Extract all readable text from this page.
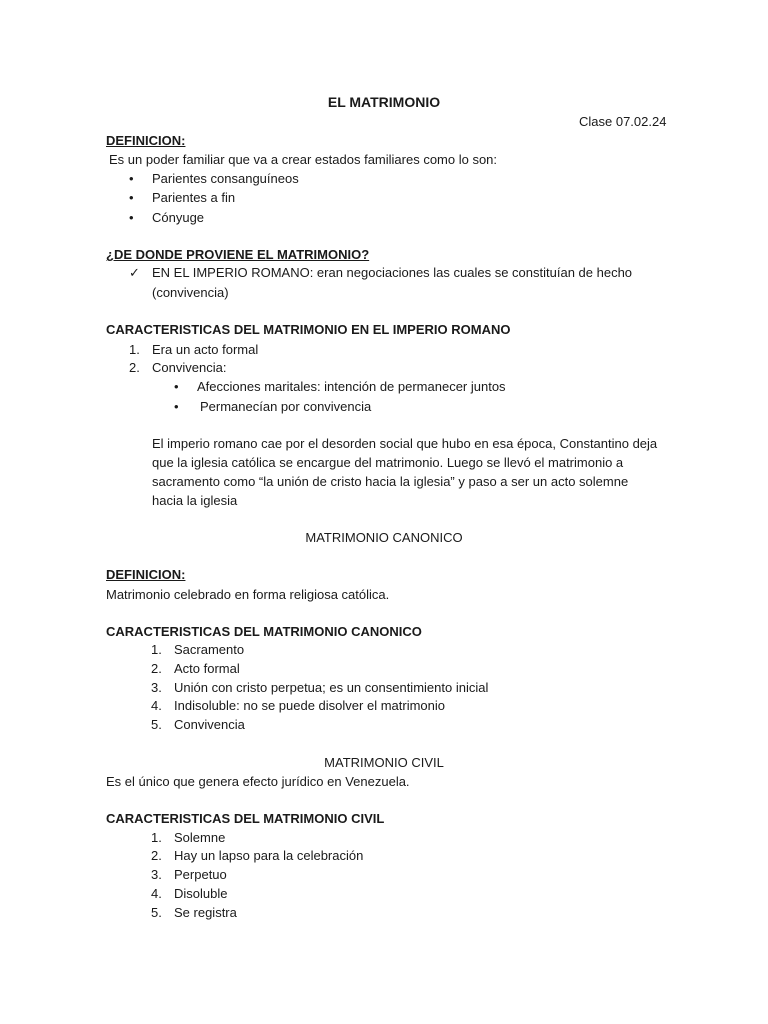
EL MATRIMONIO
Clase 07.02.24
DEFINICION:
Es un poder familiar que va a crear estados familiares como lo son:
• Parientes consanguíneos
• Parientes a fin
• Cónyuge
¿DE DONDE PROVIENE EL MATRIMONIO?
✓ EN EL IMPERIO ROMANO: eran negociaciones las cuales se constituían de hecho
(convivencia)
CARACTERISTICAS DEL MATRIMONIO EN EL IMPERIO ROMANO
1. Era un acto formal
2. Convivencia:
• Afecciones maritales: intención de permanecer juntos
• Permanecían por convivencia
El imperio romano cae por el desorden social que hubo en esa época, Constantino deja que la iglesia católica se encargue del matrimonio. Luego se llevó el matrimonio a sacramento como “la unión de cristo hacia la iglesia” y paso a ser un acto solemne hacia la iglesia
MATRIMONIO CANONICO
DEFINICION:
Matrimonio celebrado en forma religiosa católica.
CARACTERISTICAS DEL MATRIMONIO CANONICO
1. Sacramento
2. Acto formal
3. Unión con cristo perpetua; es un consentimiento inicial
4. Indisoluble: no se puede disolver el matrimonio
5. Convivencia
MATRIMONIO CIVIL
Es el único que genera efecto jurídico en Venezuela.
CARACTERISTICAS DEL MATRIMONIO CIVIL
1. Solemne
2. Hay un lapso para la celebración
3. Perpetuo
4. Disoluble
5. Se registra
